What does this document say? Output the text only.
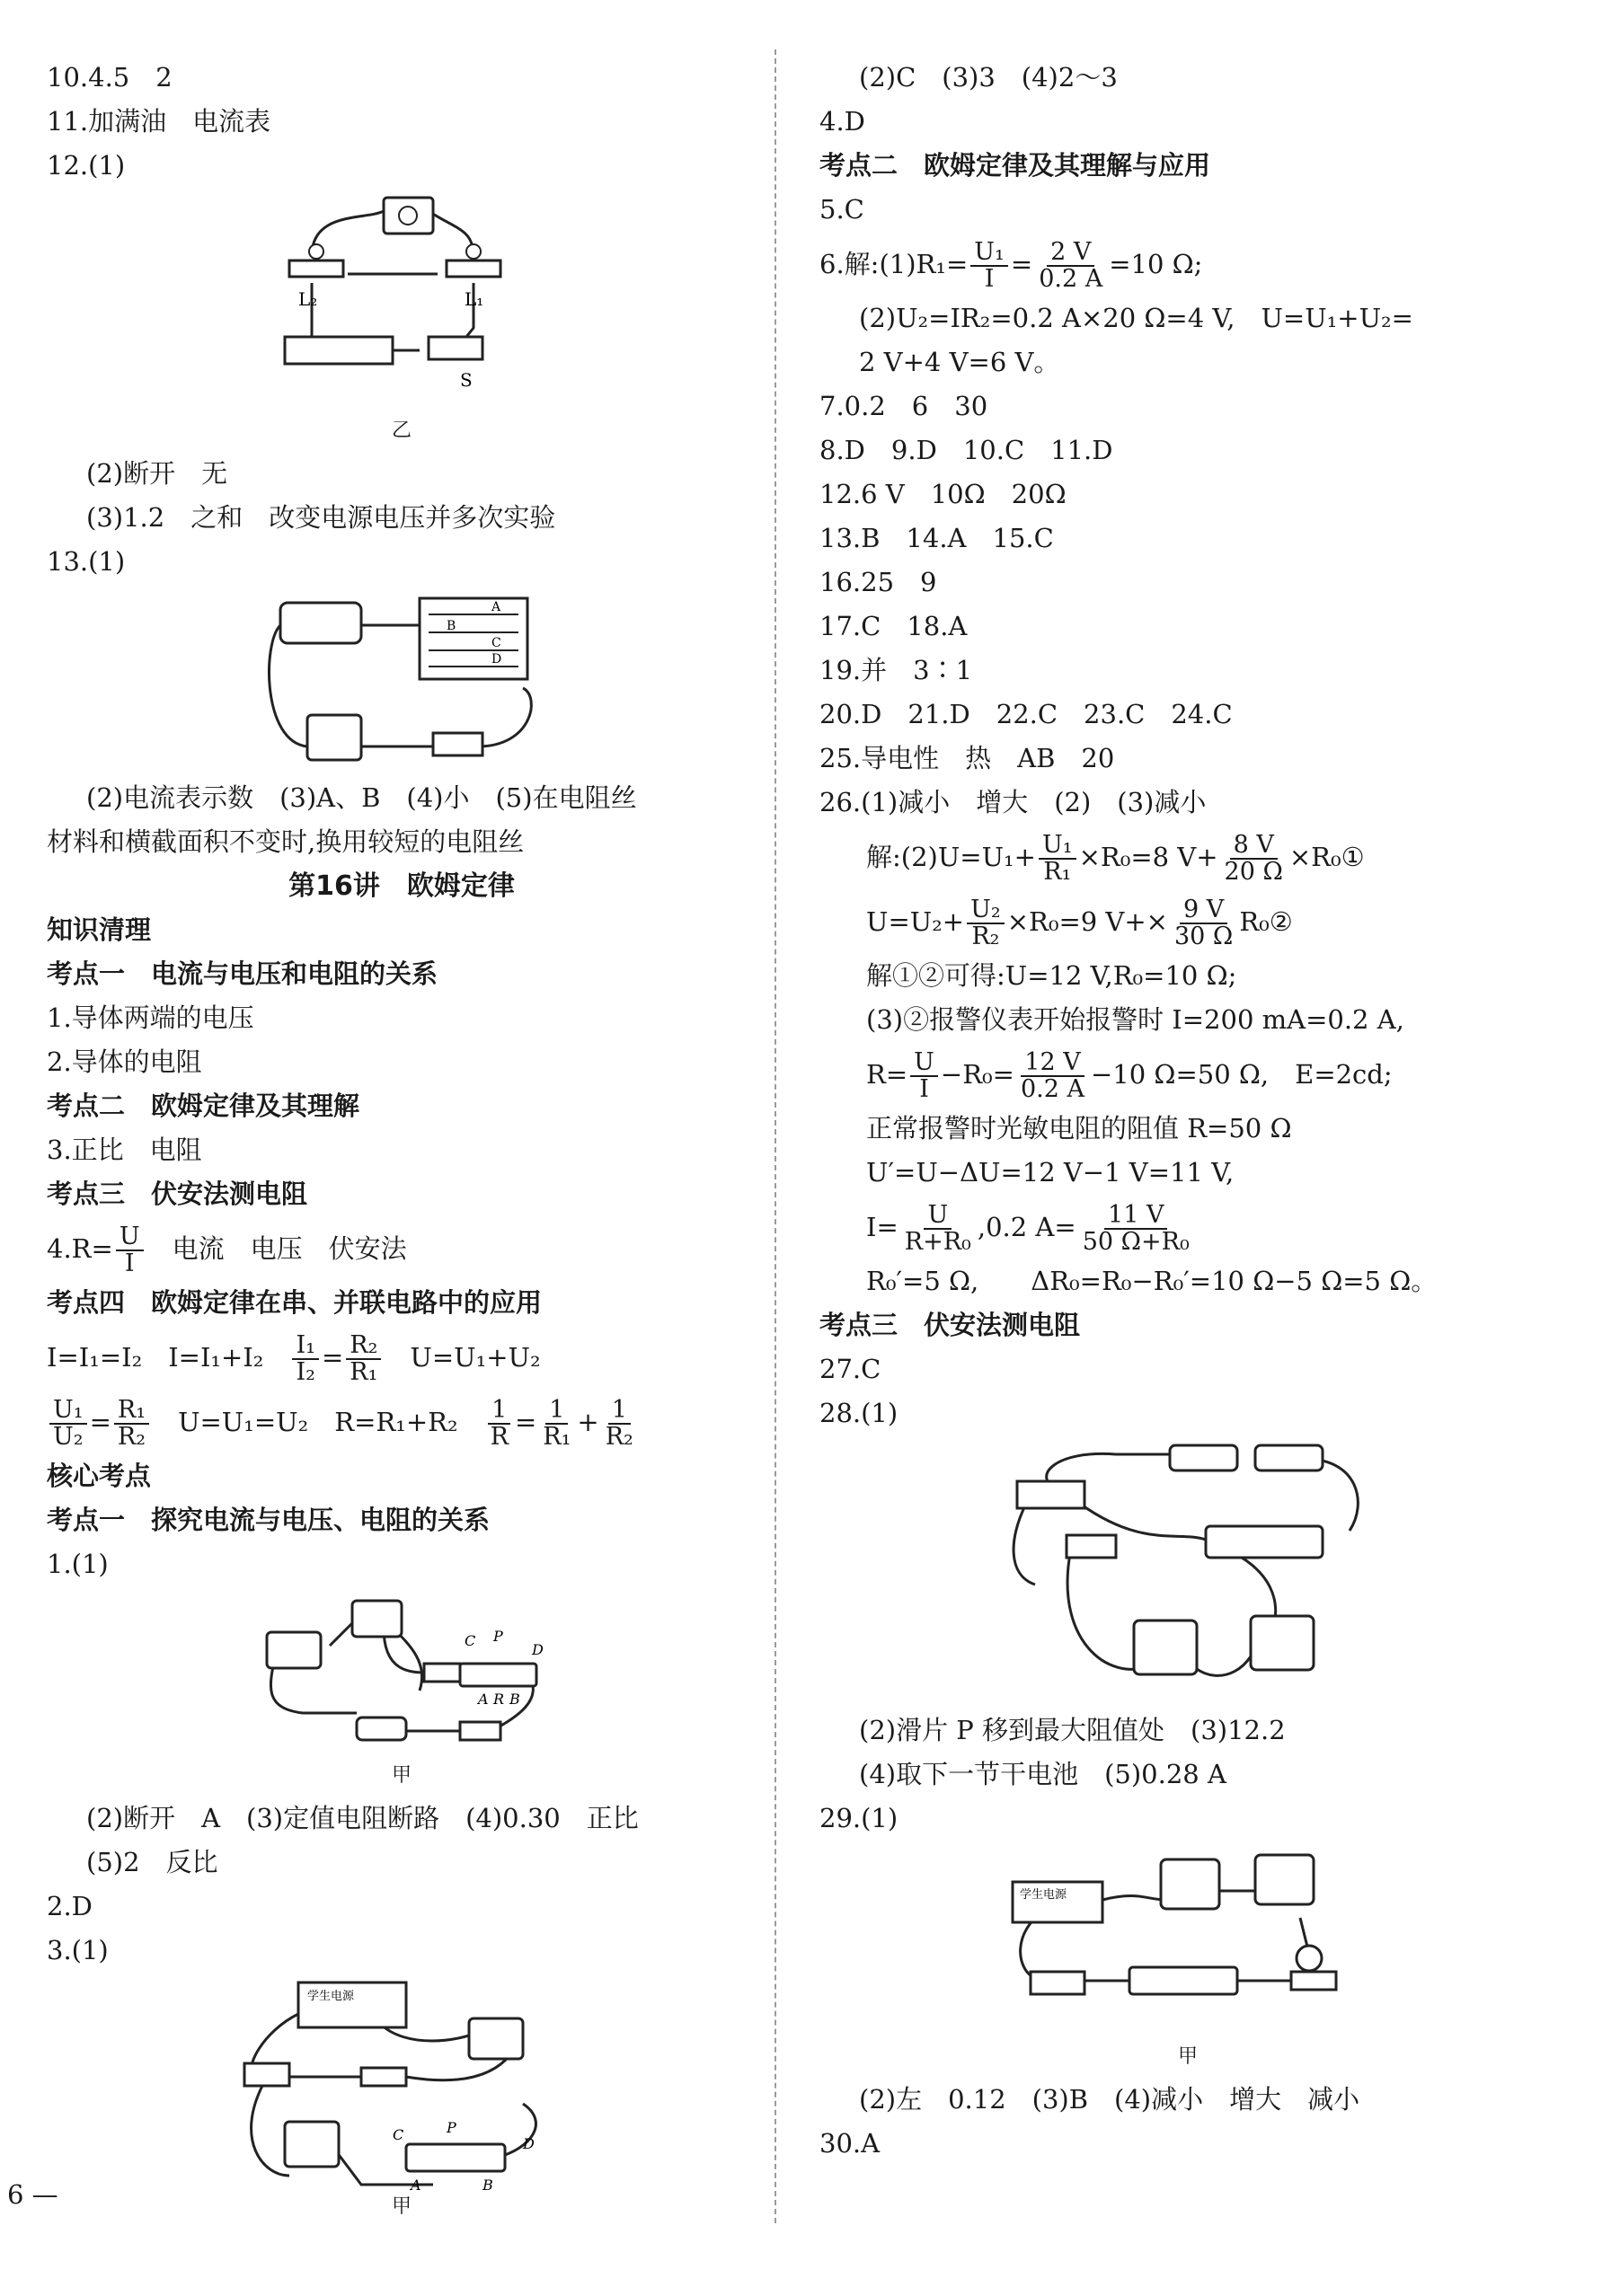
10.4.5　2
11.加满油　电流表
12.(1)
L₂	L₁
S
乙
(2)断开　无
(3)1.2　之和　改变电源电压并多次实验
13.(1)
A
B
C
D
(2)电流表示数　(3)A、B　(4)小　(5)在电阻丝
材料和横截面积不变时,换用较短的电阻丝
第16讲　欧姆定律
知识清理
考点一　电流与电压和电阻的关系
1.导体两端的电压
2.导体的电阻
考点二　欧姆定律及其理解
3.正比　电阻
考点三　伏安法测电阻
$4.R= \frac{U}{I}$ 　电流　电压　伏安法
考点四　欧姆定律在串、并联电路中的应用
I=I₁=I₂　I=I₁+I₂　 $\frac{\text{I₁}}{\text{I₂}} = \frac{\text{R₂}}{\text{R₁}}$ 　U=U₁+U₂
$\frac{\text{U₁}}{\text{U₂}} = \frac{\text{R₁}}{\text{R₂}}$ 　U=U₁=U₂　R=R₁+R₂　 $\frac{1}{R} = \frac{1}{\text{R₁}} + \frac{1}{\text{R₂}}$
核心考点
考点一　探究电流与电压、电阻的关系
1.(1)
C P
D
A R B
甲
(2)断开　A　(3)定值电阻断路　(4)0.30　正比
(5)2　反比
2.D
3.(1)
学生电源
C	P
D
A	B
甲
(2)C　(3)3　(4)2～3
4.D
考点二　欧姆定律及其理解与应用
5.C
6.解:(1)R₁= $\frac{\text{U₁}}{I} = \frac{2 V}{0.2 A} =10$ Ω;
(2)U₂=IR₂=0.2 A×20 Ω=4 V,　U=U₁+U₂=
2 V+4 V=6 V。
7.0.2　6　30
8.D　9.D　10.C　11.D
12.6 V　10Ω　20Ω
13.B　14.A　15.C
16.25　9
17.C　18.A
19.并　3∶1
20.D　21.D　22.C　23.C　24.C
25.导电性　热　AB　20
26.(1)减小　增大　(2)　(3)减小
解:(2)U=U₁+ $\frac{\text{U₁}}{\text{R₁}} \times R_0=8$ $V+ \frac{8 V}{20 \Omega}$ ×R₀①
$U=U_2+ \frac{\text{U₂}}{\text{R₂}} \times R_0=9$ $V+\times \frac{9 V}{30 \Omega}$ R₀②
解①②可得:U=12 V,R₀=10 Ω;
(3)②报警仪表开始报警时 I=200 mA=0.2 A,
$R= \frac{U}{I} -R_0= \frac{12 V}{0.2 A} -10$ Ω=50 Ω,　E=2cd;
正常报警时光敏电阻的阻值 R=50 Ω
U′=U−ΔU=12 V−1 V=11 V,
$I= \frac{U}{\text{R+R₀}} ,0.2$ $A= \frac{11 V}{\text{50 Ω+R₀}}$
R₀′=5 Ω,　　ΔR₀=R₀−R₀′=10 Ω−5 Ω=5 Ω。
考点三　伏安法测电阻
27.C
28.(1)
(2)滑片 P 移到最大阻值处　(3)12.2
(4)取下一节干电池　(5)0.28 A
29.(1)
学生电源
甲
(2)左　0.12　(3)B　(4)减小　增大　减小
30.A
6 —
